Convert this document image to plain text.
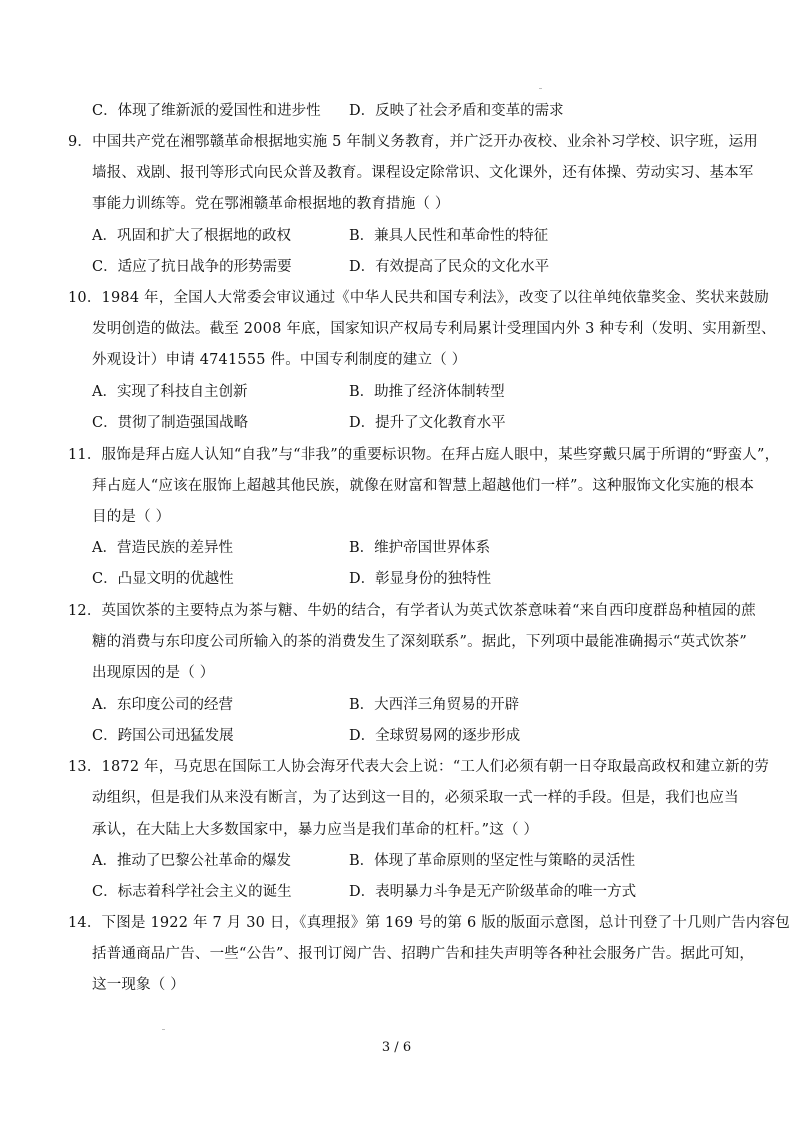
C．体现了维新派的爱国性和进步性 D．反映了社会矛盾和变革的需求
9．中国共产党在湘鄂赣革命根据地实施 5 年制义务教育，并广泛开办夜校、业余补习学校、识字班，运用
墙报、戏剧、报刊等形式向民众普及教育。课程设定除常识、文化课外，还有体操、劳动实习、基本军
事能力训练等。党在鄂湘赣革命根据地的教育措施（ ）
A．巩固和扩大了根据地的政权	B．兼具人民性和革命性的特征
C．适应了抗日战争的形势需要	D．有效提高了民众的文化水平
10．1984 年，全国人大常委会审议通过《中华人民共和国专利法》，改变了以往单纯依靠奖金、奖状来鼓励
发明创造的做法。截至 2008 年底，国家知识产权局专利局累计受理国内外 3 种专利（发明、实用新型、
外观设计）申请 4741555 件。中国专利制度的建立（ ）
A．实现了科技自主创新	B．助推了经济体制转型
C．贯彻了制造强国战略	D．提升了文化教育水平
11．服饰是拜占庭人认知“自我”与“非我”的重要标识物。在拜占庭人眼中，某些穿戴只属于所谓的“野蛮人”，
拜占庭人“应该在服饰上超越其他民族，就像在财富和智慧上超越他们一样”。这种服饰文化实施的根本
目的是（ ）
A．营造民族的差异性	B．维护帝国世界体系
C．凸显文明的优越性	D．彰显身份的独特性
12．英国饮茶的主要特点为茶与糖、牛奶的结合，有学者认为英式饮茶意味着“来自西印度群岛种植园的蔗
糖的消费与东印度公司所输入的茶的消费发生了深刻联系”。据此，下列项中最能准确揭示“英式饮茶”
出现原因的是（ ）
A．东印度公司的经营	B．大西洋三角贸易的开辟
C．跨国公司迅猛发展	D．全球贸易网的逐步形成
13．1872 年，马克思在国际工人协会海牙代表大会上说：“工人们必须有朝一日夺取最高政权和建立新的劳
动组织，但是我们从来没有断言，为了达到这一目的，必须采取一式一样的手段。但是，我们也应当
承认，在大陆上大多数国家中，暴力应当是我们革命的杠杆。”这（ ）
A．推动了巴黎公社革命的爆发	B．体现了革命原则的坚定性与策略的灵活性
C．标志着科学社会主义的诞生	D．表明暴力斗争是无产阶级革命的唯一方式
14．下图是 1922 年 7 月 30 日，《真理报》第 169 号的第 6 版的版面示意图，总计刊登了十几则广告内容包
括普通商品广告、一些“公告”、报刊订阅广告、招聘广告和挂失声明等各种社会服务广告。据此可知，
这一现象（ ）
3 / 6
